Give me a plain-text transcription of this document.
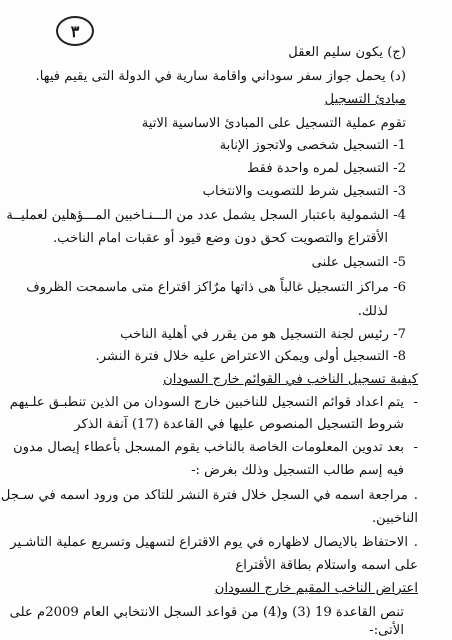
٣
(ج) يكون سليم العقل
(د) يحمل جواز سفر سوداني واقامة سارية في الدولة التى يقيم فيها.
مبادئ التسجيل
تقوم عملية التسجيل على المبادئ الاساسية الاتية
1- التسجيل شخصى ولاتجوز الإنابة
2- التسجيل لمره واحدة فقط
3- التسجيل شرط للتصويت والانتخاب
4- الشمولية باعتبار السجل يشمل عدد من الـــنـاخبين المـــؤهلين لعمليــة
الأقتراع والتصويت كحق دون وضع قيود أو عقبات امام الناخب.
5- التسجيل علنى
6- مراكز التسجيل غالباً هى ذاتها مرٌاكز اقتراع متى ماسمحت الظروف
لذلك.
7- رئيس لجنة التسجيل هو من يقرر في أهلية الناخب
8- التسجيل أولى ويمكن الاعتراض عليه خلال فترة النشر.
كيفية تسجيل الناخب في القوائم خارج السودان
-
يتم اعداد قوائم التسجيل للناخبين خارج السودان من الذين تنطبـق علـيهم
شروط التسجيل المنصوص عليها في القاعدة (17) آنفة الذكر
-
بعد تدوين المعلومات الخاصة بالناخب يقوم المسجل بأعطاء إيصال مدون
فيه إسم طالب التسجيل وذلك بغرض :-
.
مراجعة اسمه في السجل خلال فترة النشر للتاكد من ورود اسمه في سـجل
الناخبين.
.
الاحتفاظ بالايصال لاظهاره في يوم الاقتراع لتسهيل وتسريع عملية التاشـير
على اسمه واستلام بطاقة الأقتراع
اعتراض الناخب المقيم خارج السودان
تنص القاعدة 19 (3) و(4) من قواعد السجل الانتخابي العام 2009م على
الأتى:-
